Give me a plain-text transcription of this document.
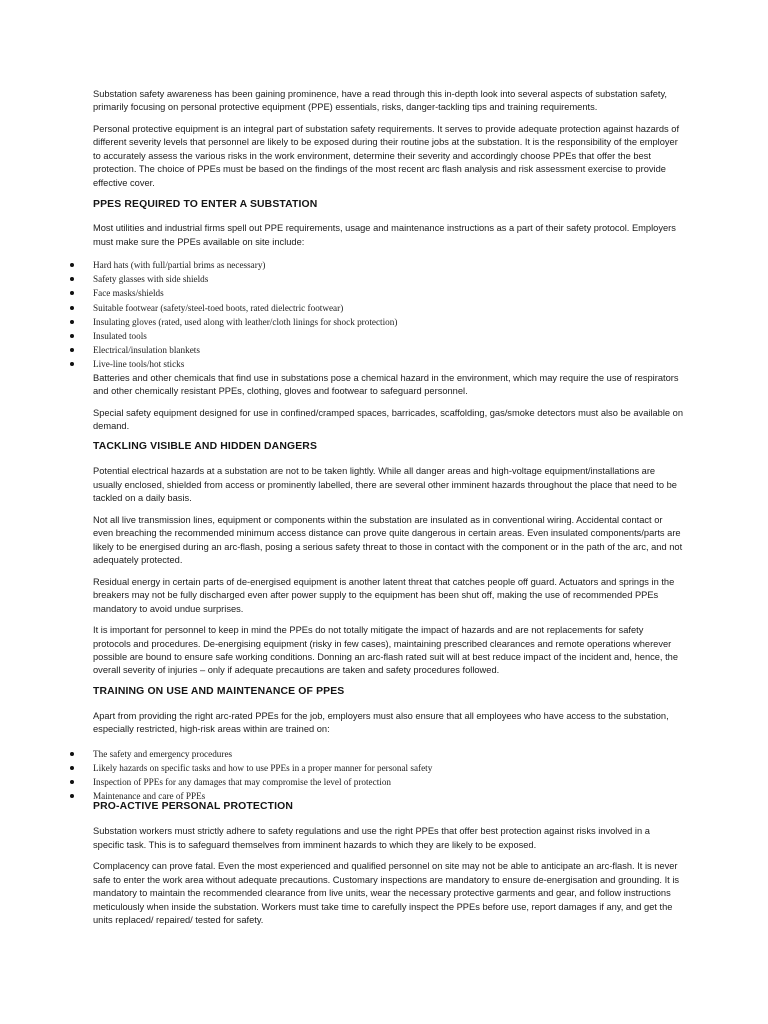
Substation safety awareness has been gaining prominence, have a read through this in-depth look into several aspects of substation safety, primarily focusing on personal protective equipment (PPE) essentials, risks, danger-tackling tips and training requirements.

Personal protective equipment is an integral part of substation safety requirements. It serves to provide adequate protection against hazards of different severity levels that personnel are likely to be exposed during their routine jobs at the substation. It is the responsibility of the employer to accurately assess the various risks in the work environment, determine their severity and accordingly choose PPEs that offer the best protection. The choice of PPEs must be based on the findings of the most recent arc flash analysis and risk assessment exercise to provide effective cover.

PPES REQUIRED TO ENTER A SUBSTATION

Most utilities and industrial firms spell out PPE requirements, usage and maintenance instructions as a part of their safety protocol. Employers must make sure the PPEs available on site include:

Hard hats (with full/partial brims as necessary)
Safety glasses with side shields
Face masks/shields
Suitable footwear (safety/steel-toed boots, rated dielectric footwear)
Insulating gloves (rated, used along with leather/cloth linings for shock protection)
Insulated tools
Electrical/insulation blankets
Live-line tools/hot sticks

Batteries and other chemicals that find use in substations pose a chemical hazard in the environment, which may require the use of respirators and other chemically resistant PPEs, clothing, gloves and footwear to safeguard personnel.

Special safety equipment designed for use in confined/cramped spaces, barricades, scaffolding, gas/smoke detectors must also be available on demand.

TACKLING VISIBLE AND HIDDEN DANGERS

Potential electrical hazards at a substation are not to be taken lightly. While all danger areas and high-voltage equipment/installations are usually enclosed, shielded from access or prominently labelled, there are several other imminent hazards throughout the place that need to be tackled on a daily basis.

Not all live transmission lines, equipment or components within the substation are insulated as in conventional wiring. Accidental contact or even breaching the recommended minimum access distance can prove quite dangerous in certain areas. Even insulated components/parts are likely to be energised during an arc-flash, posing a serious safety threat to those in contact with the component or in the path of the arc, and not adequately protected.

Residual energy in certain parts of de-energised equipment is another latent threat that catches people off guard. Actuators and springs in the breakers may not be fully discharged even after power supply to the equipment has been shut off, making the use of recommended PPEs mandatory to avoid undue surprises.

It is important for personnel to keep in mind the PPEs do not totally mitigate the impact of hazards and are not replacements for safety protocols and procedures. De-energising equipment (risky in few cases), maintaining prescribed clearances and remote operations wherever possible are bound to ensure safe working conditions. Donning an arc-flash rated suit will at best reduce impact of the incident and, hence, the overall severity of injuries – only if adequate precautions are taken and safety procedures followed.

TRAINING ON USE AND MAINTENANCE OF PPES

Apart from providing the right arc-rated PPEs for the job, employers must also ensure that all employees who have access to the substation, especially restricted, high-risk areas within are trained on:

The safety and emergency procedures
Likely hazards on specific tasks and how to use PPEs in a proper manner for personal safety
Inspection of PPEs for any damages that may compromise the level of protection
Maintenance and care of PPEs
PRO-ACTIVE PERSONAL PROTECTION

Substation workers must strictly adhere to safety regulations and use the right PPEs that offer best protection against risks involved in a specific task. This is to safeguard themselves from imminent hazards to which they are likely to be exposed.

Complacency can prove fatal. Even the most experienced and qualified personnel on site may not be able to anticipate an arc-flash. It is never safe to enter the work area without adequate precautions. Customary inspections are mandatory to ensure de-energisation and grounding. It is mandatory to maintain the recommended clearance from live units, wear the necessary protective garments and gear, and follow instructions meticulously when inside the substation. Workers must take time to carefully inspect the PPEs before use, report damages if any, and get the units replaced/ repaired/ tested for safety.
